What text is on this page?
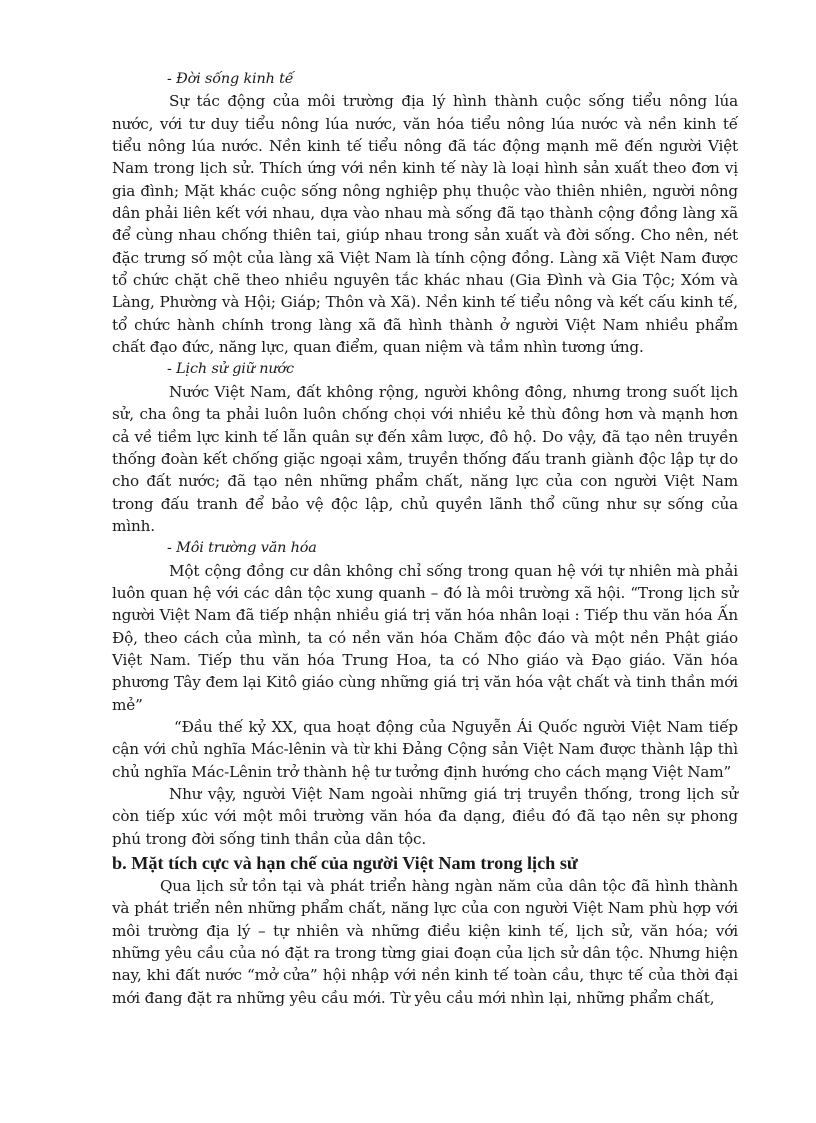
- Đời sống kinh tế

Sự tác động của môi trường địa lý hình thành cuộc sống tiểu nông lúa nước, với tư duy tiểu nông lúa nước, văn hóa tiểu nông lúa nước và nền kinh tế tiểu nông lúa nước. Nền kinh tế tiểu nông đã tác động mạnh mẽ đến người Việt Nam trong lịch sử. Thích ứng với nền kinh tế này là loại hình sản xuất theo đơn vị gia đình; Mặt khác cuộc sống nông nghiệp phụ thuộc vào thiên nhiên, người nông dân phải liên kết với nhau, dựa vào nhau mà sống đã tạo thành cộng đồng làng xã để cùng nhau chống thiên tai, giúp nhau trong sản xuất và đời sống. Cho nên, nét đặc trưng số một của làng xã Việt Nam là tính cộng đồng. Làng xã Việt Nam được tổ chức chặt chẽ theo nhiều nguyên tắc khác nhau (Gia Đình và Gia Tộc; Xóm và Làng, Phường và Hội; Giáp; Thôn và Xã). Nền kinh tế tiểu nông và kết cấu kinh tế, tổ chức hành chính trong làng xã đã hình thành ở người Việt Nam nhiều phẩm chất đạo đức, năng lực, quan điểm, quan niệm và tầm nhìn tương ứng.

- Lịch sử giữ nước

Nước Việt Nam, đất không rộng, người không đông, nhưng trong suốt lịch sử, cha ông ta phải luôn luôn chống chọi với nhiều kẻ thù đông hơn và mạnh hơn cả về tiềm lực kinh tế lẫn quân sự đến xâm lược, đô hộ. Do vậy, đã tạo nên truyền thống đoàn kết chống giặc ngoại xâm, truyền thống đấu tranh giành độc lập tự do cho đất nước; đã tạo nên những phẩm chất, năng lực của con người Việt Nam trong đấu tranh để bảo vệ độc lập, chủ quyền lãnh thổ cũng như sự sống của mình.

- Môi trường văn hóa

Một cộng đồng cư dân không chỉ sống trong quan hệ với tự nhiên mà phải luôn quan hệ với các dân tộc xung quanh – đó là môi trường xã hội. “Trong lịch sử người Việt Nam đã tiếp nhận nhiều giá trị văn hóa nhân loại : Tiếp thu văn hóa Ấn Độ, theo cách của mình, ta có nền văn hóa Chăm độc đáo và một nền Phật giáo Việt Nam. Tiếp thu văn hóa Trung Hoa, ta có Nho giáo và Đạo giáo. Văn hóa phương Tây đem lại Kitô giáo cùng những giá trị văn hóa vật chất và tinh thần mới mẻ”

“Đầu thế kỷ XX, qua hoạt động của Nguyễn Ái Quốc người Việt Nam tiếp cận với chủ nghĩa Mác-lênin và từ khi Đảng Cộng sản Việt Nam được thành lập thì chủ nghĩa Mác-Lênin trở thành hệ tư tưởng định hướng cho cách mạng Việt Nam”

Như vậy, người Việt Nam ngoài những giá trị truyền thống, trong lịch sử còn tiếp xúc với một môi trường văn hóa đa dạng, điều đó đã tạo nên sự phong phú trong đời sống tinh thần của dân tộc.

b. Mặt tích cực và hạn chế của người Việt Nam trong lịch sử

Qua lịch sử tồn tại và phát triển hàng ngàn năm của dân tộc đã hình thành và phát triển nên những phẩm chất, năng lực của con người Việt Nam phù hợp với môi trường địa lý – tự nhiên và những điều kiện kinh tế, lịch sử, văn hóa; với những yêu cầu của nó đặt ra trong từng giai đoạn của lịch sử dân tộc. Nhưng hiện nay, khi đất nước “mở cửa” hội nhập với nền kinh tế toàn cầu, thực tế của thời đại mới đang đặt ra những yêu cầu mới. Từ yêu cầu mới nhìn lại, những phẩm chất,
